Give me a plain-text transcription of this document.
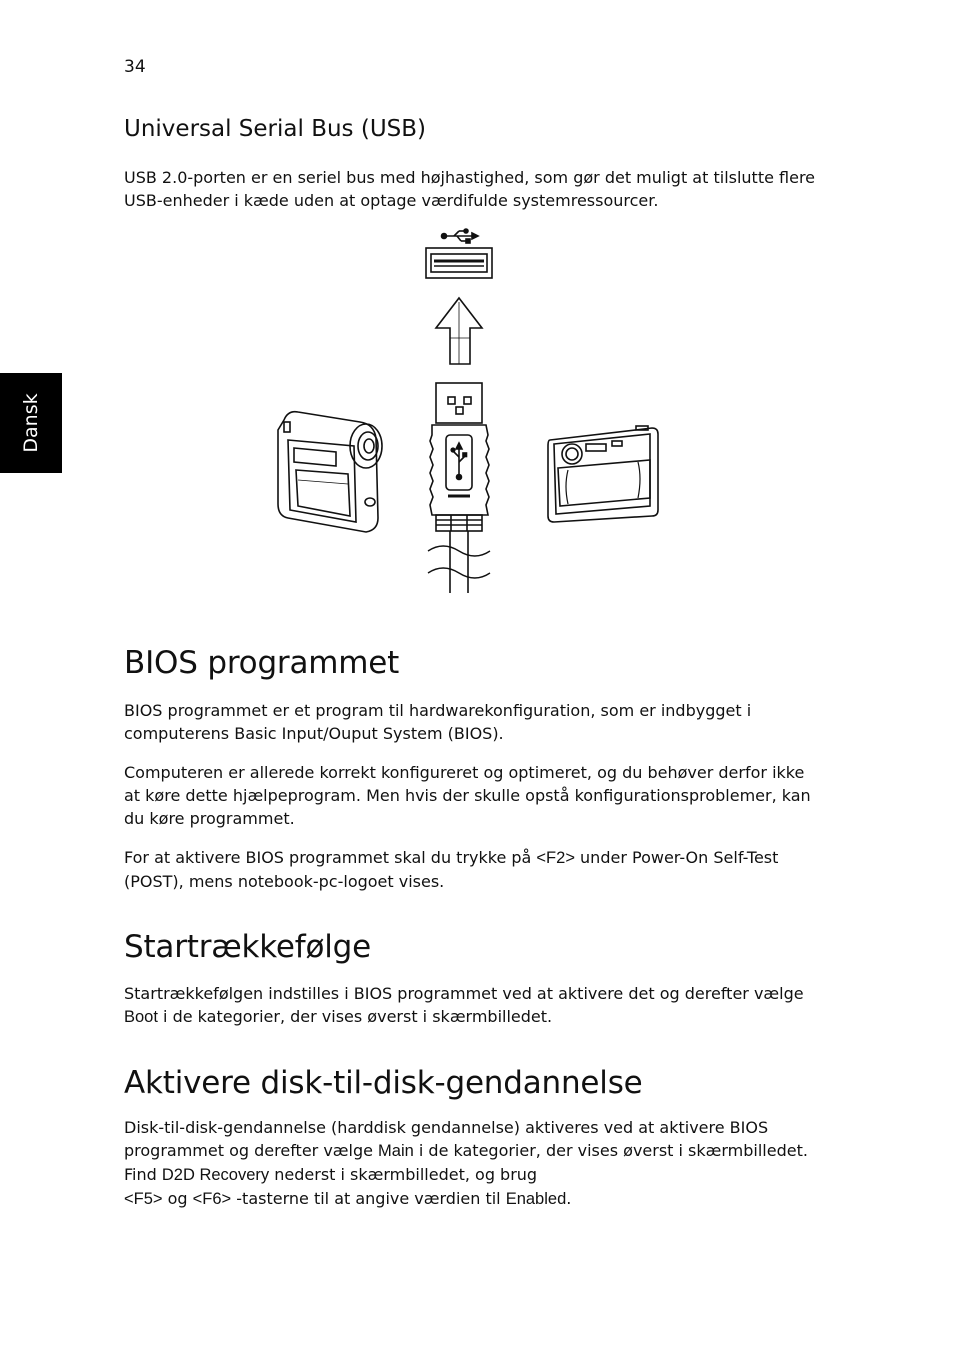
34
Dansk
Universal Serial Bus (USB)

USB 2.0-porten er en seriel bus med højhastighed, som gør det muligt at tilslutte flere USB-enheder i kæde uden at optage værdifulde systemressourcer.

BIOS programmet

BIOS programmet er et program til hardwarekonfiguration, som er indbygget i computerens Basic Input/Ouput System (BIOS).

Computeren er allerede korrekt konfigureret og optimeret, og du behøver derfor ikke at køre dette hjælpeprogram. Men hvis der skulle opstå konfigurationsproblemer, kan du køre programmet.

For at aktivere BIOS programmet skal du trykke på <F2> under Power-On Self-Test (POST), mens notebook-pc-logoet vises.

Startrækkefølge

Startrækkefølgen indstilles i BIOS programmet ved at aktivere det og derefter vælge Boot i de kategorier, der vises øverst i skærmbilledet.

Aktivere disk-til-disk-gendannelse

Disk-til-disk-gendannelse (harddisk gendannelse) aktiveres ved at aktivere BIOS programmet og derefter vælge Main i de kategorier, der vises øverst i skærmbilledet. Find D2D Recovery nederst i skærmbilledet, og brug
<F5> og <F6> -tasterne til at angive værdien til Enabled.
